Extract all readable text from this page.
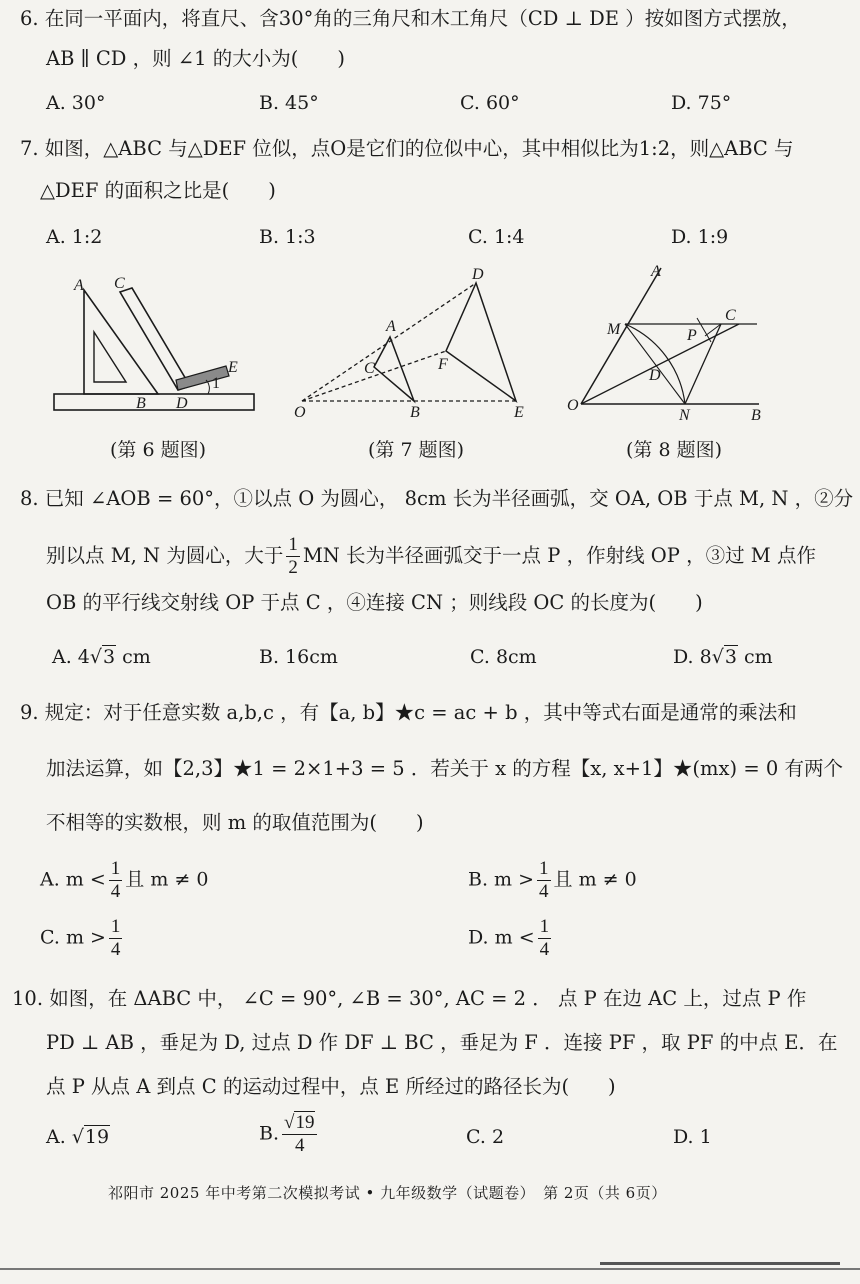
6. 在同一平面内，将直尺、含30°角的三角尺和木工角尺（CD ⊥ DE ）按如图方式摆放，
AB ∥ CD ，则 ∠1 的大小为(　　)
A. 30°	B. 45°	C. 60°	D. 75°
7. 如图，△ABC 与△DEF 位似，点O是它们的位似中心，其中相似比为1:2，则△ABC 与
△DEF 的面积之比是(　　)
A. 1:2	B. 1:3	C. 1:4	D. 1:9
A C
E
1
B D
D
A
C	F
O	B	E
A
M
C
P
D
O
N	B
(第 6 题图)	(第 7 题图)	(第 8 题图)
8. 已知 ∠AOB = 60°，①以点 O 为圆心， 8cm 长为半径画弧，交 OA, OB 于点 M, N ，②分
别以点 M, N 为圆心，大于 $\frac{1}{2}$ MN 长为半径画弧交于一点 P ，作射线 OP ，③过 M 点作
OB 的平行线交射线 OP 于点 C ，④连接 CN ；则线段 OC 的长度为(　　)
A. 4√3 cm	B. 16cm	C. 8cm	D. 8√3 cm
9. 规定：对于任意实数 a,b,c ，有【a, b】★c = ac + b ，其中等式右面是通常的乘法和
加法运算，如【2,3】★1 = 2×1+3 = 5 ．若关于 x 的方程【x, x+1】★(mx) = 0 有两个
不相等的实数根，则 m 的取值范围为(　　)
A. $m < \frac{1}{4}$ 且 m ≠ 0	B. $m > \frac{1}{4}$ 且 m ≠ 0
C. $m > \frac{1}{4}$	D. $m < \frac{1}{4}$
10. 如图，在 ΔABC 中， ∠C = 90°, ∠B = 30°, AC = 2 ． 点 P 在边 AC 上，过点 P 作
PD ⊥ AB ，垂足为 D, 过点 D 作 DF ⊥ BC ，垂足为 F ．连接 PF ，取 PF 的中点 E．在
点 P 从点 A 到点 C 的运动过程中，点 E 所经过的路径长为(　　)
A. √19	B. $\frac{√19}{4}$	C. 2	D. 1
祁阳市 2025 年中考第二次模拟考试 • 九年级数学（试题卷）　第 2页（共 6页）
